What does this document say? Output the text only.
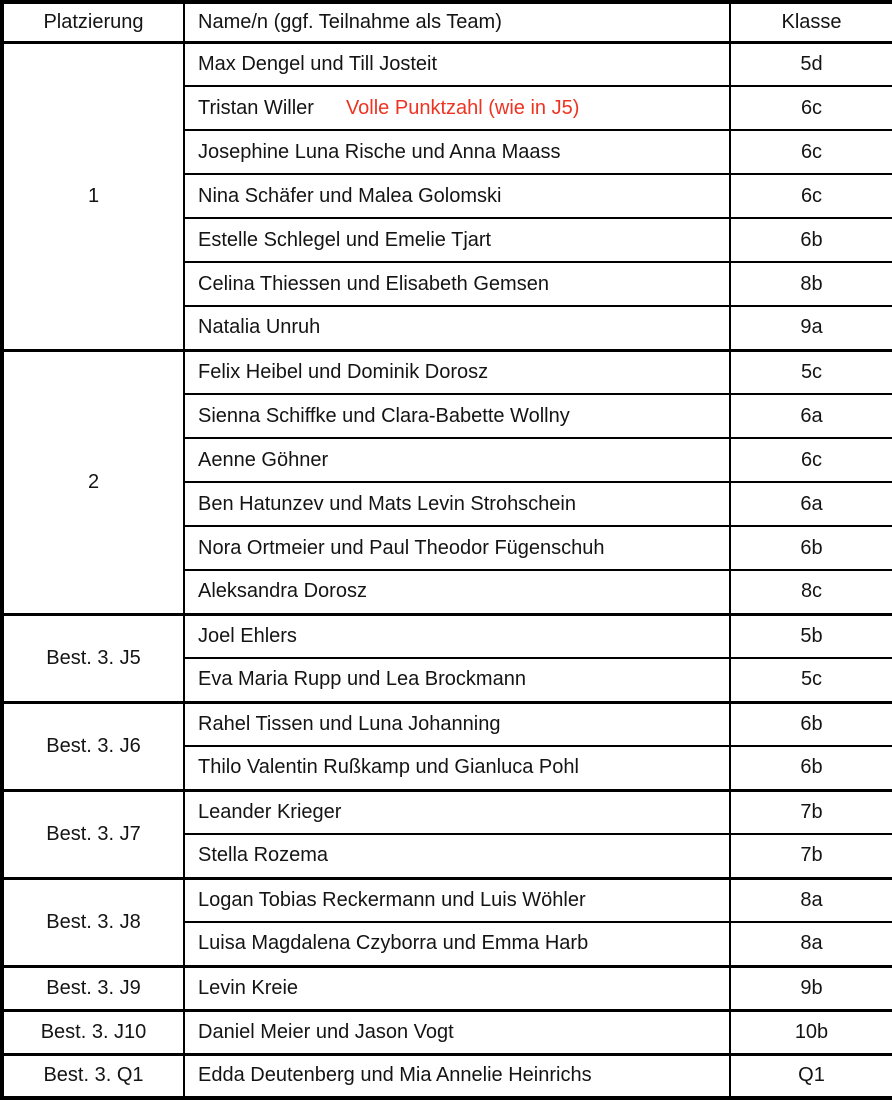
Platzierung	Name/n (ggf. Teilnahme als Team)	Klasse
1	Max Dengel und Till Josteit	5d
	Tristan Willer Volle Punktzahl (wie in J5)	6c
	Josephine Luna Rische und Anna Maass	6c
	Nina Schäfer und Malea Golomski	6c
	Estelle Schlegel und Emelie Tjart	6b
	Celina Thiessen und Elisabeth Gemsen	8b
	Natalia Unruh	9a
2	Felix Heibel und Dominik Dorosz	5c
	Sienna Schiffke und Clara-Babette Wollny	6a
	Aenne Göhner	6c
	Ben Hatunzev und Mats Levin Strohschein	6a
	Nora Ortmeier und Paul Theodor Fügenschuh	6b
	Aleksandra Dorosz	8c
Best. 3. J5	Joel Ehlers	5b
	Eva Maria Rupp und Lea Brockmann	5c
Best. 3. J6	Rahel Tissen und Luna Johanning	6b
	Thilo Valentin Rußkamp und Gianluca Pohl	6b
Best. 3. J7	Leander Krieger	7b
	Stella Rozema	7b
Best. 3. J8	Logan Tobias Reckermann und Luis Wöhler	8a
	Luisa Magdalena Czyborra und Emma Harb	8a
Best. 3. J9	Levin Kreie	9b
Best. 3. J10	Daniel Meier und Jason Vogt	10b
Best. 3. Q1	Edda Deutenberg und Mia Annelie Heinrichs	Q1
